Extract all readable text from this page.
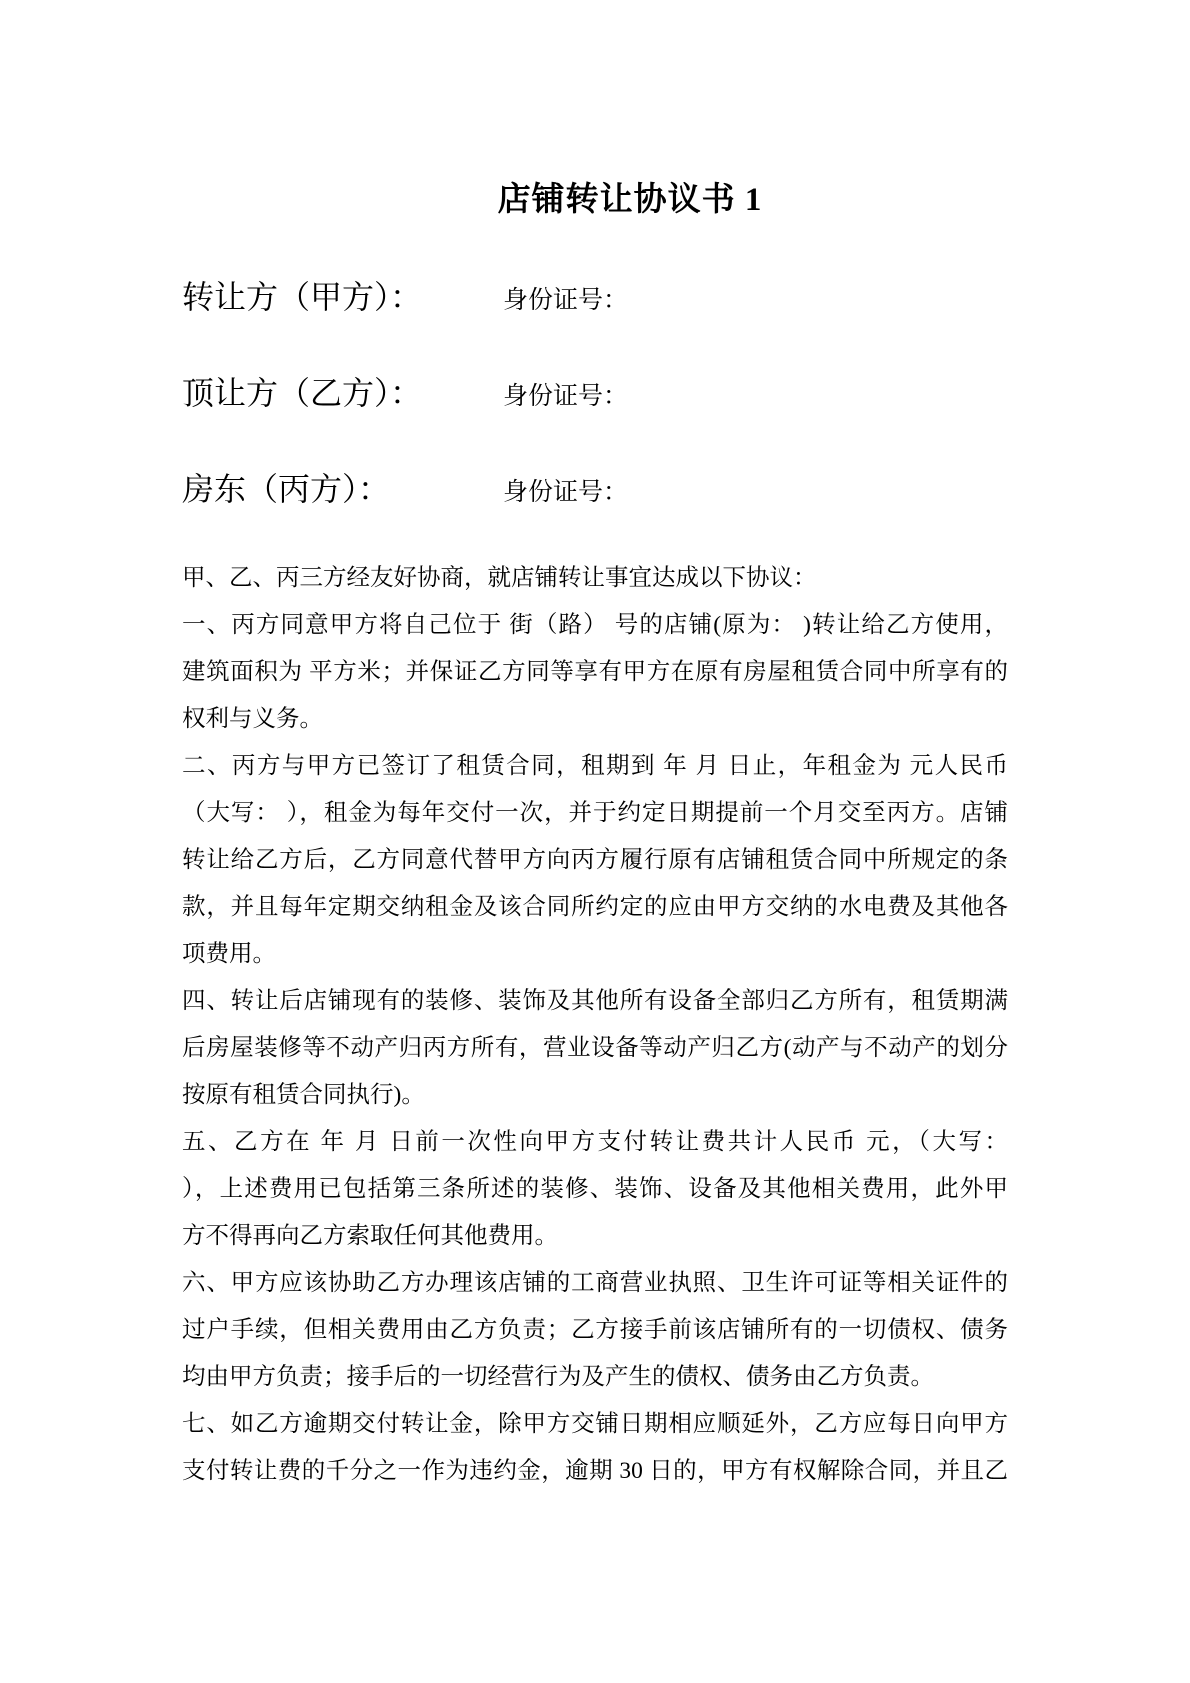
店铺转让协议书 1
转让方（甲方）：	身份证号：
顶让方（乙方）：	身份证号：
房东（丙方）：	身份证号：
甲、乙、丙三方经友好协商，就店铺转让事宜达成以下协议：
一、丙方同意甲方将自己位于 街（路） 号的店铺(原为： )转让给乙方使用，
建筑面积为 平方米；并保证乙方同等享有甲方在原有房屋租赁合同中所享有的
权利与义务。
二、丙方与甲方已签订了租赁合同，租期到 年 月 日止，年租金为 元人民币
（大写： ），租金为每年交付一次，并于约定日期提前一个月交至丙方。店铺
转让给乙方后，乙方同意代替甲方向丙方履行原有店铺租赁合同中所规定的条
款，并且每年定期交纳租金及该合同所约定的应由甲方交纳的水电费及其他各
项费用。
四、转让后店铺现有的装修、装饰及其他所有设备全部归乙方所有，租赁期满
后房屋装修等不动产归丙方所有，营业设备等动产归乙方(动产与不动产的划分
按原有租赁合同执行)。
五、乙方在 年 月 日前一次性向甲方支付转让费共计人民币 元，（大写：
），上述费用已包括第三条所述的装修、装饰、设备及其他相关费用，此外甲
方不得再向乙方索取任何其他费用。
六、甲方应该协助乙方办理该店铺的工商营业执照、卫生许可证等相关证件的
过户手续，但相关费用由乙方负责；乙方接手前该店铺所有的一切债权、债务
均由甲方负责；接手后的一切经营行为及产生的债权、债务由乙方负责。
七、如乙方逾期交付转让金，除甲方交铺日期相应顺延外，乙方应每日向甲方
支付转让费的千分之一作为违约金，逾期 30 日的，甲方有权解除合同，并且乙
